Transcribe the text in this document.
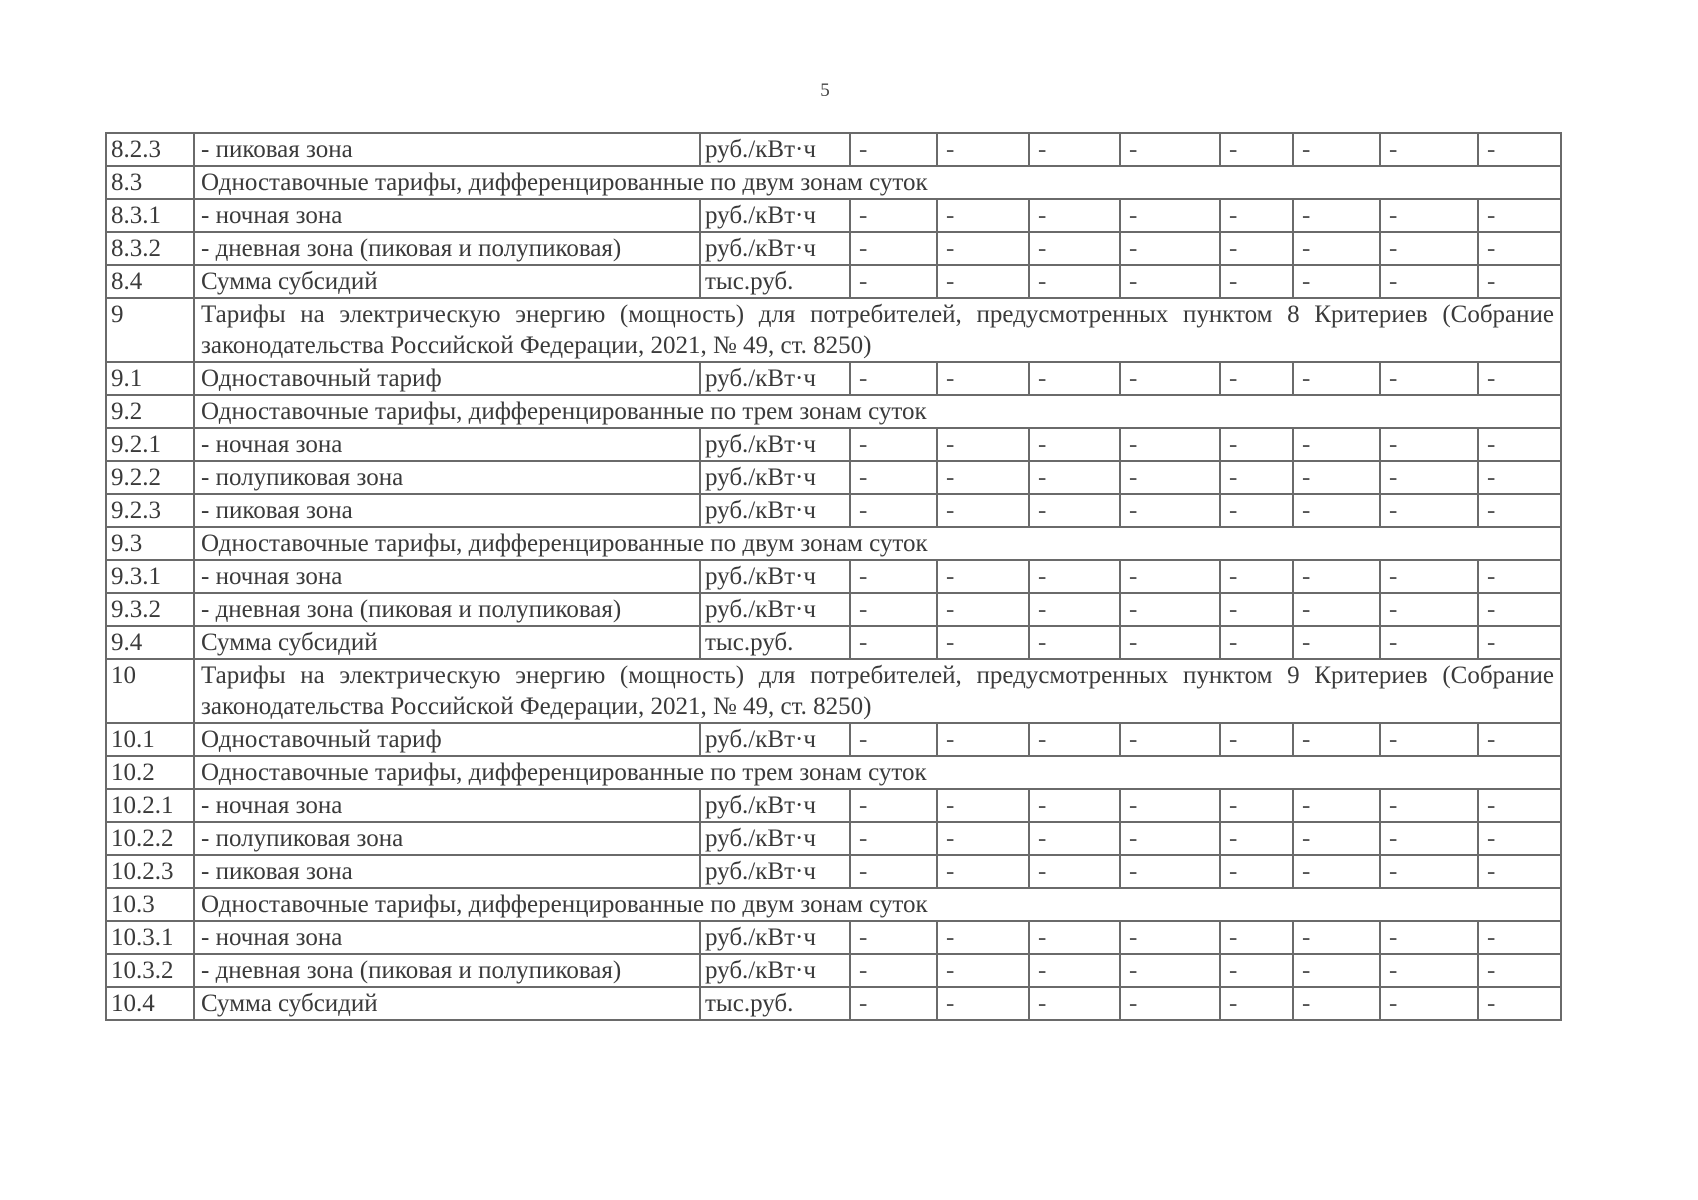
5
8.2.3	- пиковая зона	руб./кВт·ч	-	-	-	-	-	-	-	-
8.3	Одноставочные тарифы, дифференцированные по двум зонам суток									
8.3.1	- ночная зона	руб./кВт·ч	-	-	-	-	-	-	-	-
8.3.2	- дневная зона (пиковая и полупиковая)	руб./кВт·ч	-	-	-	-	-	-	-	-
8.4	Сумма субсидий	тыс.руб.	-	-	-	-	-	-	-	-
9	Тарифы на электрическую энергию (мощность) для потребителей, предусмотренных пунктом 8 Критериев (Собрание законодательства Российской Федерации, 2021, № 49, ст. 8250)									
9.1	Одноставочный тариф	руб./кВт·ч	-	-	-	-	-	-	-	-
9.2	Одноставочные тарифы, дифференцированные по трем зонам суток									
9.2.1	- ночная зона	руб./кВт·ч	-	-	-	-	-	-	-	-
9.2.2	- полупиковая зона	руб./кВт·ч	-	-	-	-	-	-	-	-
9.2.3	- пиковая зона	руб./кВт·ч	-	-	-	-	-	-	-	-
9.3	Одноставочные тарифы, дифференцированные по двум зонам суток									
9.3.1	- ночная зона	руб./кВт·ч	-	-	-	-	-	-	-	-
9.3.2	- дневная зона (пиковая и полупиковая)	руб./кВт·ч	-	-	-	-	-	-	-	-
9.4	Сумма субсидий	тыс.руб.	-	-	-	-	-	-	-	-
10	Тарифы на электрическую энергию (мощность) для потребителей, предусмотренных пунктом 9 Критериев (Собрание законодательства Российской Федерации, 2021, № 49, ст. 8250)									
10.1	Одноставочный тариф	руб./кВт·ч	-	-	-	-	-	-	-	-
10.2	Одноставочные тарифы, дифференцированные по трем зонам суток									
10.2.1	- ночная зона	руб./кВт·ч	-	-	-	-	-	-	-	-
10.2.2	- полупиковая зона	руб./кВт·ч	-	-	-	-	-	-	-	-
10.2.3	- пиковая зона	руб./кВт·ч	-	-	-	-	-	-	-	-
10.3	Одноставочные тарифы, дифференцированные по двум зонам суток									
10.3.1	- ночная зона	руб./кВт·ч	-	-	-	-	-	-	-	-
10.3.2	- дневная зона (пиковая и полупиковая)	руб./кВт·ч	-	-	-	-	-	-	-	-
10.4	Сумма субсидий	тыс.руб.	-	-	-	-	-	-	-	-
